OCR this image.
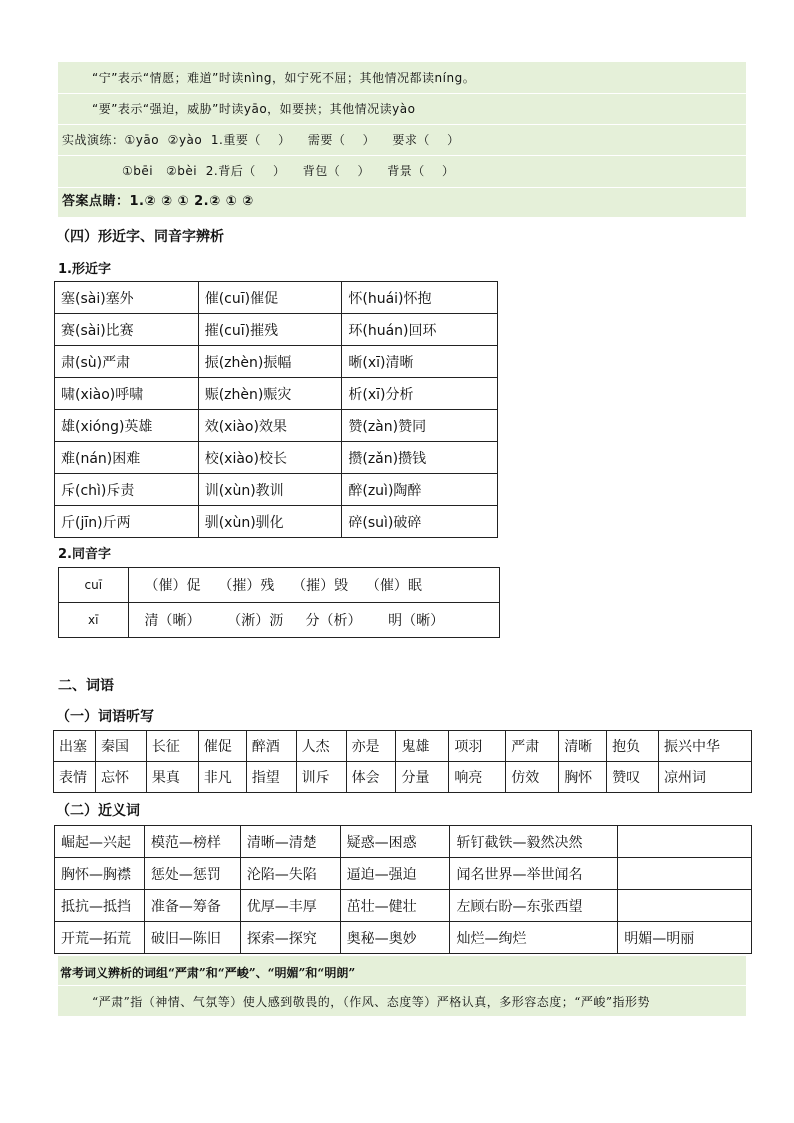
“宁”表示“情愿；难道”时读nìng，如宁死不屈；其他情况都读níng。
“要”表示“强迫，威胁”时读yāo，如要挟；其他情况读yào
实战演练：①yāo  ②yào  1.重要（    ）    需要（    ）    要求（    ）
①bēi   ②bèi  2.背后（    ）    背包（    ）    背景（    ）
答案点睛：1.② ② ① 2.② ① ②
（四）形近字、同音字辨析
1.形近字
塞(sài)塞外	催(cuī)催促	怀(huái)怀抱
赛(sài)比赛	摧(cuī)摧残	环(huán)回环
肃(sù)严肃	振(zhèn)振幅	晰(xī)清晰
啸(xiào)呼啸	赈(zhèn)赈灾	析(xī)分析
雄(xióng)英雄	效(xiào)效果	赞(zàn)赞同
难(nán)困难	校(xiào)校长	攒(zǎn)攒钱
斥(chì)斥责	训(xùn)教训	醉(zuì)陶醉
斤(jīn)斤两	驯(xùn)驯化	碎(suì)破碎
2.同音字
cuī	（催）促    （摧）残    （摧）毁    （催）眠
xī	清（晰）      （淅）沥     分（析）      明（晰）
二、词语
（一）词语听写
出塞	秦国	长征	催促	醉酒	人杰	亦是	鬼雄	项羽	严肃	清晰	抱负	振兴中华
表情	忘怀	果真	非凡	指望	训斥	体会	分量	响亮	仿效	胸怀	赞叹	凉州词
（二）近义词
崛起—兴起	模范—榜样	清晰—清楚	疑惑—困惑	斩钉截铁—毅然决然	
胸怀—胸襟	惩处—惩罚	沦陷—失陷	逼迫—强迫	闻名世界—举世闻名	
抵抗—抵挡	准备—筹备	优厚—丰厚	茁壮—健壮	左顾右盼—东张西望	
开荒—拓荒	破旧—陈旧	探索—探究	奥秘—奥妙	灿烂—绚烂	明媚—明丽
常考词义辨析的词组“严肃”和“严峻”、“明媚”和“明朗”
“严肃”指（神情、气氛等）使人感到敬畏的，（作风、态度等）严格认真，多形容态度；“严峻”指形势
